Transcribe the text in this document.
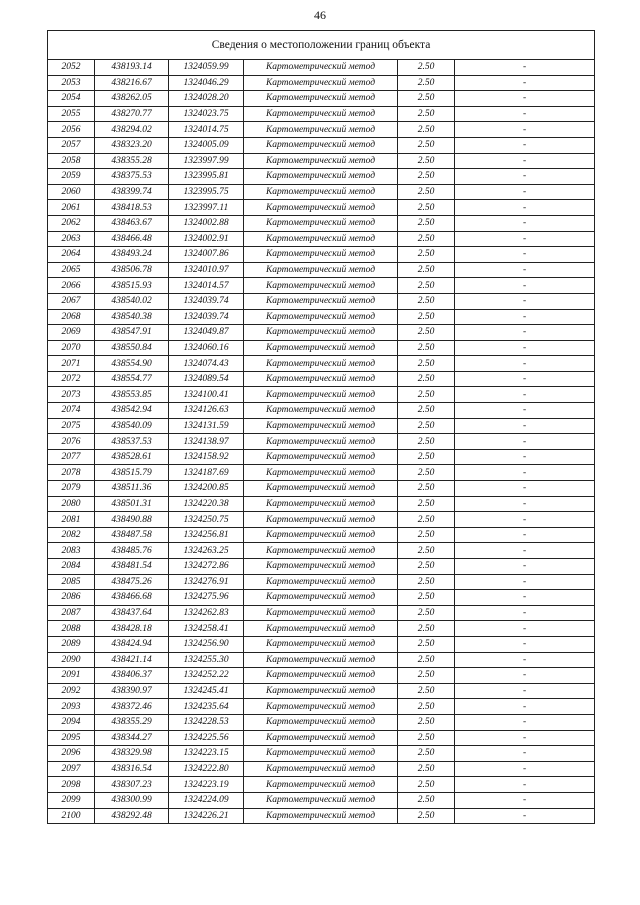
46
Сведения о местоположении границ объекта					
2052	438193.14	1324059.99	Картометрический метод	2.50	-
2053	438216.67	1324046.29	Картометрический метод	2.50	-
2054	438262.05	1324028.20	Картометрический метод	2.50	-
2055	438270.77	1324023.75	Картометрический метод	2.50	-
2056	438294.02	1324014.75	Картометрический метод	2.50	-
2057	438323.20	1324005.09	Картометрический метод	2.50	-
2058	438355.28	1323997.99	Картометрический метод	2.50	-
2059	438375.53	1323995.81	Картометрический метод	2.50	-
2060	438399.74	1323995.75	Картометрический метод	2.50	-
2061	438418.53	1323997.11	Картометрический метод	2.50	-
2062	438463.67	1324002.88	Картометрический метод	2.50	-
2063	438466.48	1324002.91	Картометрический метод	2.50	-
2064	438493.24	1324007.86	Картометрический метод	2.50	-
2065	438506.78	1324010.97	Картометрический метод	2.50	-
2066	438515.93	1324014.57	Картометрический метод	2.50	-
2067	438540.02	1324039.74	Картометрический метод	2.50	-
2068	438540.38	1324039.74	Картометрический метод	2.50	-
2069	438547.91	1324049.87	Картометрический метод	2.50	-
2070	438550.84	1324060.16	Картометрический метод	2.50	-
2071	438554.90	1324074.43	Картометрический метод	2.50	-
2072	438554.77	1324089.54	Картометрический метод	2.50	-
2073	438553.85	1324100.41	Картометрический метод	2.50	-
2074	438542.94	1324126.63	Картометрический метод	2.50	-
2075	438540.09	1324131.59	Картометрический метод	2.50	-
2076	438537.53	1324138.97	Картометрический метод	2.50	-
2077	438528.61	1324158.92	Картометрический метод	2.50	-
2078	438515.79	1324187.69	Картометрический метод	2.50	-
2079	438511.36	1324200.85	Картометрический метод	2.50	-
2080	438501.31	1324220.38	Картометрический метод	2.50	-
2081	438490.88	1324250.75	Картометрический метод	2.50	-
2082	438487.58	1324256.81	Картометрический метод	2.50	-
2083	438485.76	1324263.25	Картометрический метод	2.50	-
2084	438481.54	1324272.86	Картометрический метод	2.50	-
2085	438475.26	1324276.91	Картометрический метод	2.50	-
2086	438466.68	1324275.96	Картометрический метод	2.50	-
2087	438437.64	1324262.83	Картометрический метод	2.50	-
2088	438428.18	1324258.41	Картометрический метод	2.50	-
2089	438424.94	1324256.90	Картометрический метод	2.50	-
2090	438421.14	1324255.30	Картометрический метод	2.50	-
2091	438406.37	1324252.22	Картометрический метод	2.50	-
2092	438390.97	1324245.41	Картометрический метод	2.50	-
2093	438372.46	1324235.64	Картометрический метод	2.50	-
2094	438355.29	1324228.53	Картометрический метод	2.50	-
2095	438344.27	1324225.56	Картометрический метод	2.50	-
2096	438329.98	1324223.15	Картометрический метод	2.50	-
2097	438316.54	1324222.80	Картометрический метод	2.50	-
2098	438307.23	1324223.19	Картометрический метод	2.50	-
2099	438300.99	1324224.09	Картометрический метод	2.50	-
2100	438292.48	1324226.21	Картометрический метод	2.50	-
